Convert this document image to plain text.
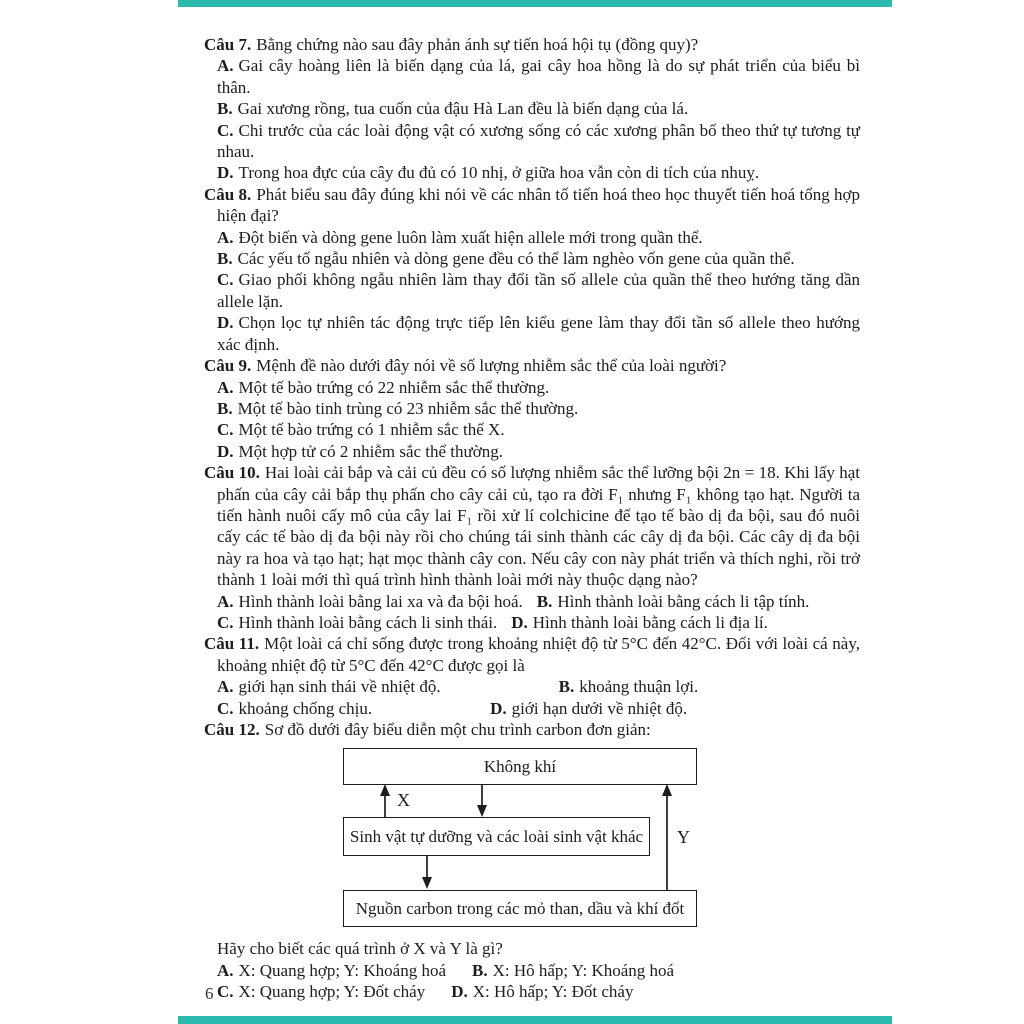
Câu 7. Bằng chứng nào sau đây phản ánh sự tiến hoá hội tụ (đồng quy)?

A. Gai cây hoàng liên là biến dạng của lá, gai cây hoa hồng là do sự phát triển của biểu bì thân.

B. Gai xương rồng, tua cuốn của đậu Hà Lan đều là biến dạng của lá.

C. Chi trước của các loài động vật có xương sống có các xương phân bố theo thứ tự tương tự nhau.

D. Trong hoa đực của cây đu đủ có 10 nhị, ở giữa hoa vẫn còn di tích của nhuỵ.

Câu 8. Phát biểu sau đây đúng khi nói về các nhân tố tiến hoá theo học thuyết tiến hoá tổng hợp hiện đại?

A. Đột biến và dòng gene luôn làm xuất hiện allele mới trong quần thể.

B. Các yếu tố ngẫu nhiên và dòng gene đều có thể làm nghèo vốn gene của quần thể.

C. Giao phối không ngẫu nhiên làm thay đổi tần số allele của quần thể theo hướng tăng dần allele lặn.

D. Chọn lọc tự nhiên tác động trực tiếp lên kiểu gene làm thay đổi tần số allele theo hướng xác định.

Câu 9. Mệnh đề nào dưới đây nói về số lượng nhiễm sắc thể của loài người?

A. Một tế bào trứng có 22 nhiễm sắc thể thường.

B. Một tế bào tinh trùng có 23 nhiễm sắc thể thường.

C. Một tế bào trứng có 1 nhiễm sắc thể X.

D. Một hợp tử có 2 nhiễm sắc thể thường.

Câu 10. Hai loài cải bắp và cải củ đều có số lượng nhiễm sắc thể lưỡng bội 2n = 18. Khi lấy hạt phấn của cây cải bắp thụ phấn cho cây cải củ, tạo ra đời F₁ nhưng F₁ không tạo hạt. Người ta tiến hành nuôi cấy mô của cây lai F₁ rồi xử lí colchicine để tạo tế bào dị đa bội, sau đó nuôi cấy các tế bào dị đa bội này rồi cho chúng tái sinh thành các cây dị đa bội. Các cây dị đa bội này ra hoa và tạo hạt; hạt mọc thành cây con. Nếu cây con này phát triển và thích nghi, rồi trở thành 1 loài mới thì quá trình hình thành loài mới này thuộc dạng nào?

A. Hình thành loài bằng lai xa và đa bội hoá. B. Hình thành loài bằng cách li tập tính.

C. Hình thành loài bằng cách li sinh thái. D. Hình thành loài bằng cách li địa lí.

Câu 11. Một loài cá chỉ sống được trong khoảng nhiệt độ từ 5°C đến 42°C. Đối với loài cá này, khoảng nhiệt độ từ 5°C đến 42°C được gọi là

A. giới hạn sinh thái về nhiệt độ.	B. khoảng thuận lợi.

C. khoảng chống chịu.	D. giới hạn dưới về nhiệt độ.

Câu 12. Sơ đồ dưới đây biểu diễn một chu trình carbon đơn giản:

Không khí
Sinh vật tự dưỡng và các loài sinh vật khác
Nguồn carbon trong các mỏ than, dầu và khí đốt
X
Y

Hãy cho biết các quá trình ở X và Y là gì?

A. X: Quang hợp; Y: Khoáng hoá B. X: Hô hấp; Y: Khoáng hoá

C. X: Quang hợp; Y: Đốt cháy D. X: Hô hấp; Y: Đốt cháy

6
